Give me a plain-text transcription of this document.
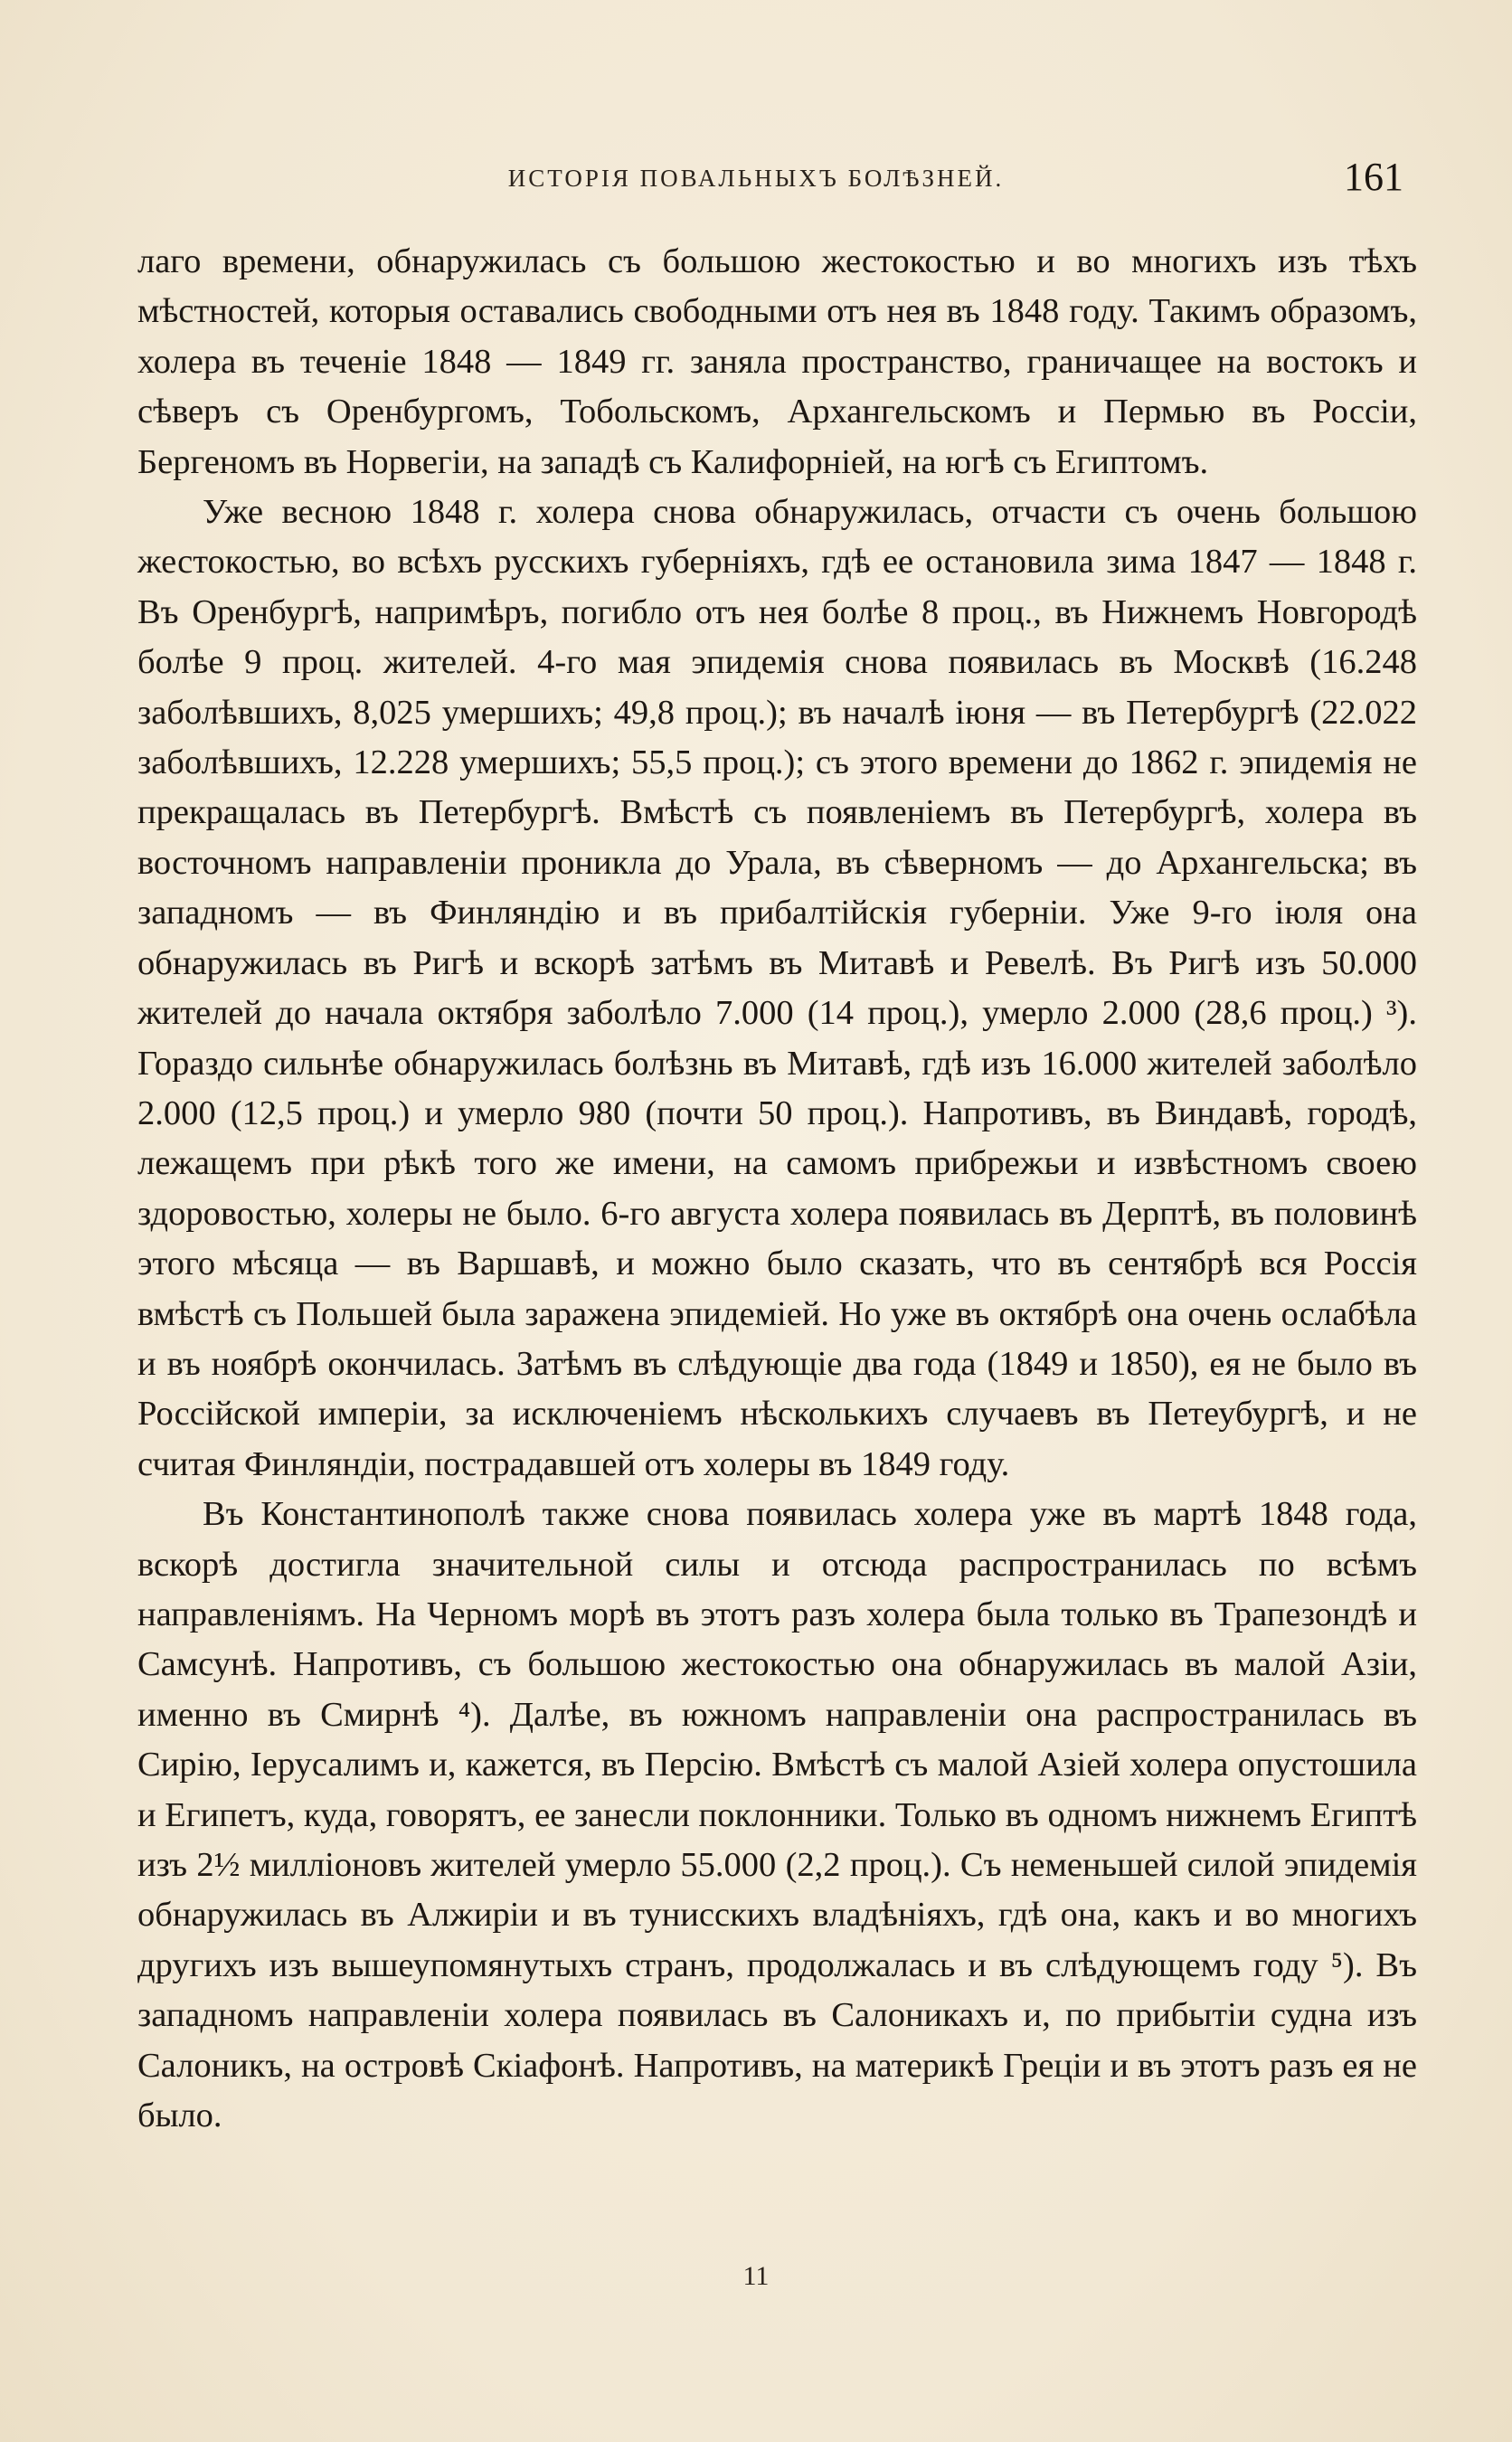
ИСТОРІЯ ПОВАЛЬНЫХЪ БОЛѢЗНЕЙ.	161

лаго времени, обнаружилась съ большою жестокостью и во многихъ изъ тѣхъ мѣстностей, которыя оставались свободными отъ нея въ 1848 году. Такимъ образомъ, холера въ теченіе 1848 — 1849 гг. заняла пространство, граничащее на востокъ и сѣверъ съ Оренбургомъ, Тобольскомъ, Архангельскомъ и Пермью въ Россіи, Бергеномъ въ Норвегіи, на западѣ съ Калифорніей, на югѣ съ Египтомъ.

Уже весною 1848 г. холера снова обнаружилась, отчасти съ очень большою жестокостью, во всѣхъ русскихъ губерніяхъ, гдѣ ее остановила зима 1847 — 1848 г. Въ Оренбургѣ, напримѣръ, погибло отъ нея болѣе 8 проц., въ Нижнемъ Новгородѣ болѣе 9 проц. жителей. 4-го мая эпидемія снова появилась въ Москвѣ (16.248 заболѣвшихъ, 8,025 умершихъ; 49,8 проц.); въ началѣ іюня — въ Петербургѣ (22.022 заболѣвшихъ, 12.228 умершихъ; 55,5 проц.); съ этого времени до 1862 г. эпидемія не прекращалась въ Петербургѣ. Вмѣстѣ съ появленіемъ въ Петербургѣ, холера въ восточномъ направленіи проникла до Урала, въ сѣверномъ — до Архангельска; въ западномъ — въ Финляндію и въ прибалтійскія губерніи. Уже 9-го іюля она обнаружилась въ Ригѣ и вскорѣ затѣмъ въ Митавѣ и Ревелѣ. Въ Ригѣ изъ 50.000 жителей до начала октября заболѣло 7.000 (14 проц.), умерло 2.000 (28,6 проц.) ³). Гораздо сильнѣе обнаружилась болѣзнь въ Митавѣ, гдѣ изъ 16.000 жителей заболѣло 2.000 (12,5 проц.) и умерло 980 (почти 50 проц.). Напротивъ, въ Виндавѣ, городѣ, лежащемъ при рѣкѣ того же имени, на самомъ прибрежьи и извѣстномъ своею здоровостью, холеры не было. 6-го августа холера появилась въ Дерптѣ, въ половинѣ этого мѣсяца — въ Варшавѣ, и можно было сказать, что въ сентябрѣ вся Россія вмѣстѣ съ Польшей была заражена эпидеміей. Но уже въ октябрѣ она очень ослабѣла и въ ноябрѣ окончилась. Затѣмъ въ слѣдующіе два года (1849 и 1850), ея не было въ Россійской имперіи, за исключеніемъ нѣсколькихъ случаевъ въ Петеубургѣ, и не считая Финляндіи, пострадавшей отъ холеры въ 1849 году.

Въ Константинополѣ также снова появилась холера уже въ мартѣ 1848 года, вскорѣ достигла значительной силы и отсюда распространилась по всѣмъ направленіямъ. На Черномъ морѣ въ этотъ разъ холера была только въ Трапезондѣ и Самсунѣ. Напротивъ, съ большою жестокостью она обнаружилась въ малой Азіи, именно въ Смирнѣ ⁴). Далѣе, въ южномъ направленіи она распространилась въ Сирію, Іерусалимъ и, кажется, въ Персію. Вмѣстѣ съ малой Азіей холера опустошила и Египетъ, куда, говорятъ, ее занесли поклонники. Только въ одномъ нижнемъ Египтѣ изъ 2½ милліоновъ жителей умерло 55.000 (2,2 проц.). Съ неменьшей силой эпидемія обнаружилась въ Алжиріи и въ тунисскихъ владѣніяхъ, гдѣ она, какъ и во многихъ другихъ изъ вышеупомянутыхъ странъ, продолжалась и въ слѣдующемъ году ⁵). Въ западномъ направленіи холера появилась въ Салоникахъ и, по прибытіи судна изъ Салоникъ, на островѣ Скіафонѣ. Напротивъ, на материкѣ Греціи и въ этотъ разъ ея не было.

11
